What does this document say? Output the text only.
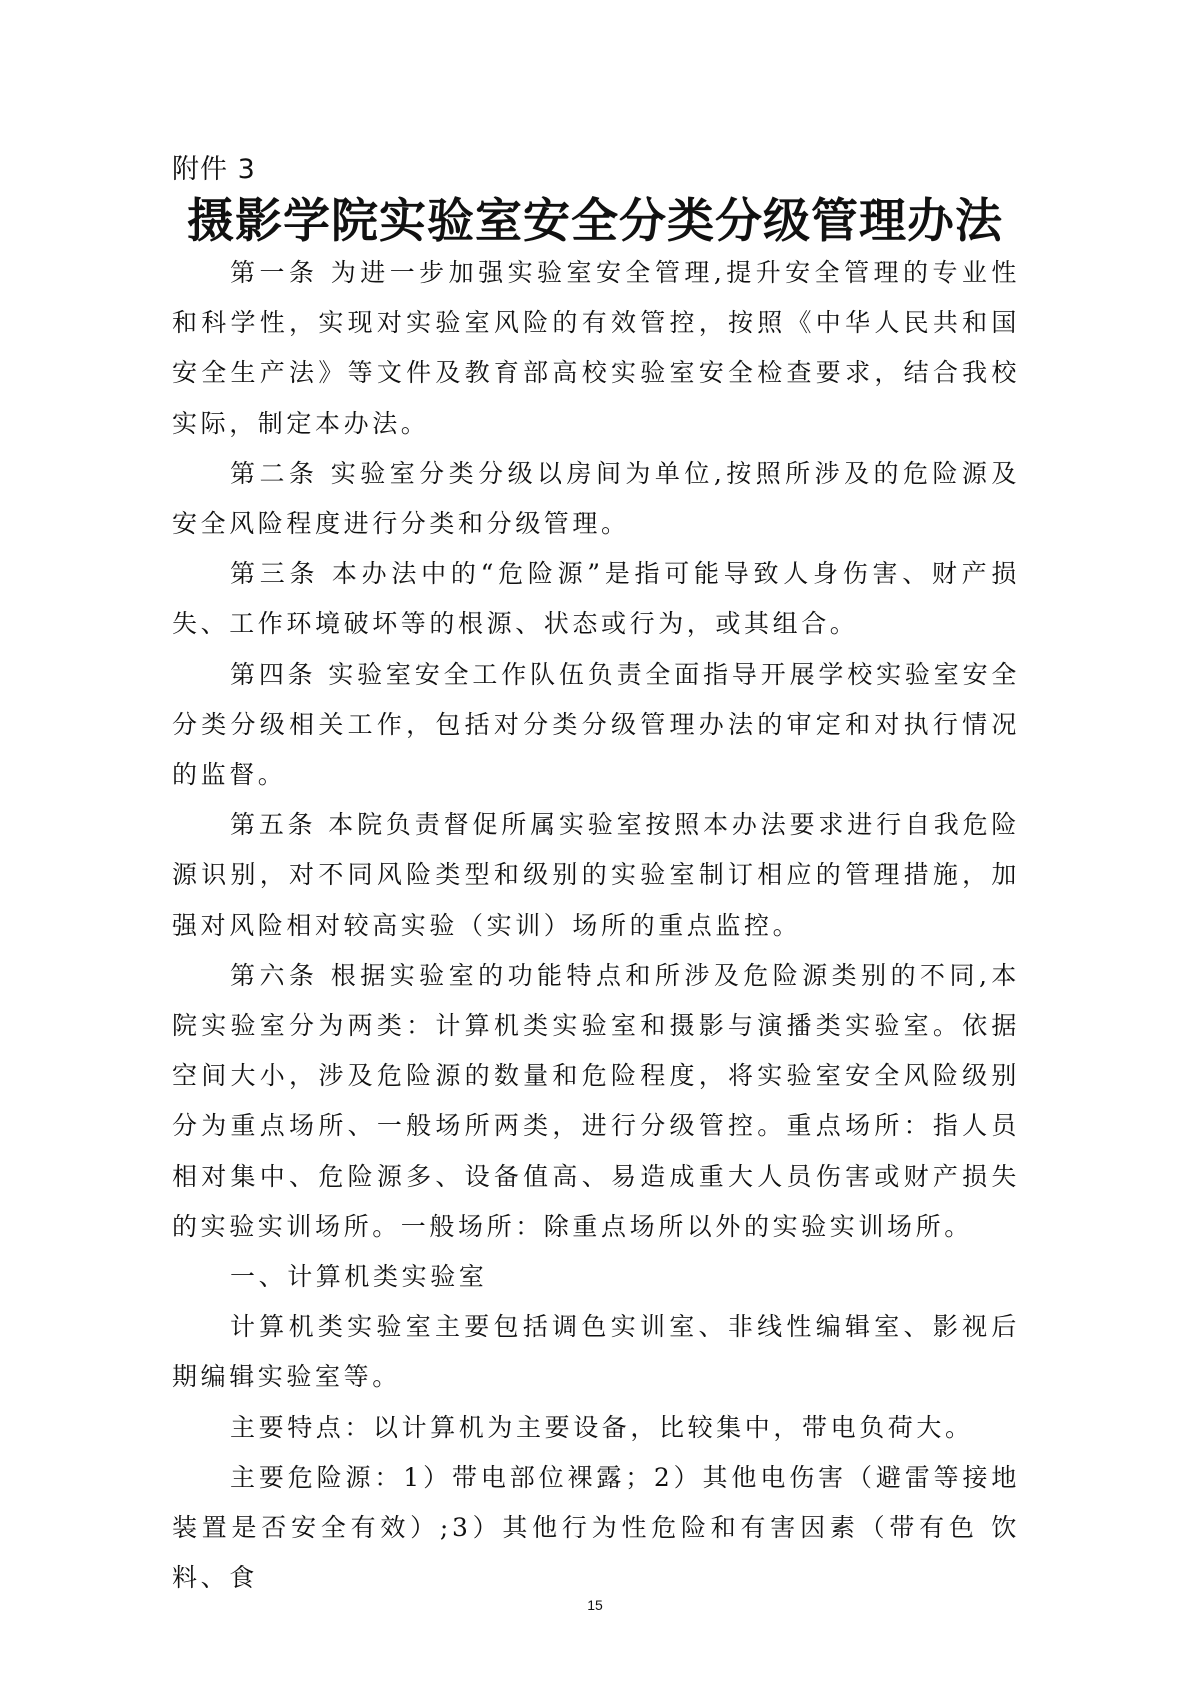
附件 3
摄影学院实验室安全分类分级管理办法

第一条 为进一步加强实验室安全管理,提升安全管理的专业性和科学性，实现对实验室风险的有效管控，按照《中华人民共和国安全生产法》等文件及教育部高校实验室安全检查要求，结合我校实际，制定本办法。

第二条 实验室分类分级以房间为单位,按照所涉及的危险源及安全风险程度进行分类和分级管理。

第三条 本办法中的“危险源”是指可能导致人身伤害、财产损失、工作环境破坏等的根源、状态或行为，或其组合。

第四条 实验室安全工作队伍负责全面指导开展学校实验室安全分类分级相关工作，包括对分类分级管理办法的审定和对执行情况的监督。

第五条 本院负责督促所属实验室按照本办法要求进行自我危险源识别，对不同风险类型和级别的实验室制订相应的管理措施，加强对风险相对较高实验（实训）场所的重点监控。

第六条 根据实验室的功能特点和所涉及危险源类别的不同,本院实验室分为两类：计算机类实验室和摄影与演播类实验室。依据空间大小，涉及危险源的数量和危险程度，将实验室安全风险级别分为重点场所、一般场所两类，进行分级管控。重点场所：指人员相对集中、危险源多、设备值高、易造成重大人员伤害或财产损失的实验实训场所。一般场所：除重点场所以外的实验实训场所。

一、计算机类实验室

计算机类实验室主要包括调色实训室、非线性编辑室、影视后期编辑实验室等。

主要特点：以计算机为主要设备，比较集中，带电负荷大。

主要危险源：1）带电部位裸露；2）其他电伤害（避雷等接地装置是否安全有效）;3）其他行为性危险和有害因素（带有色 饮料、食

15
